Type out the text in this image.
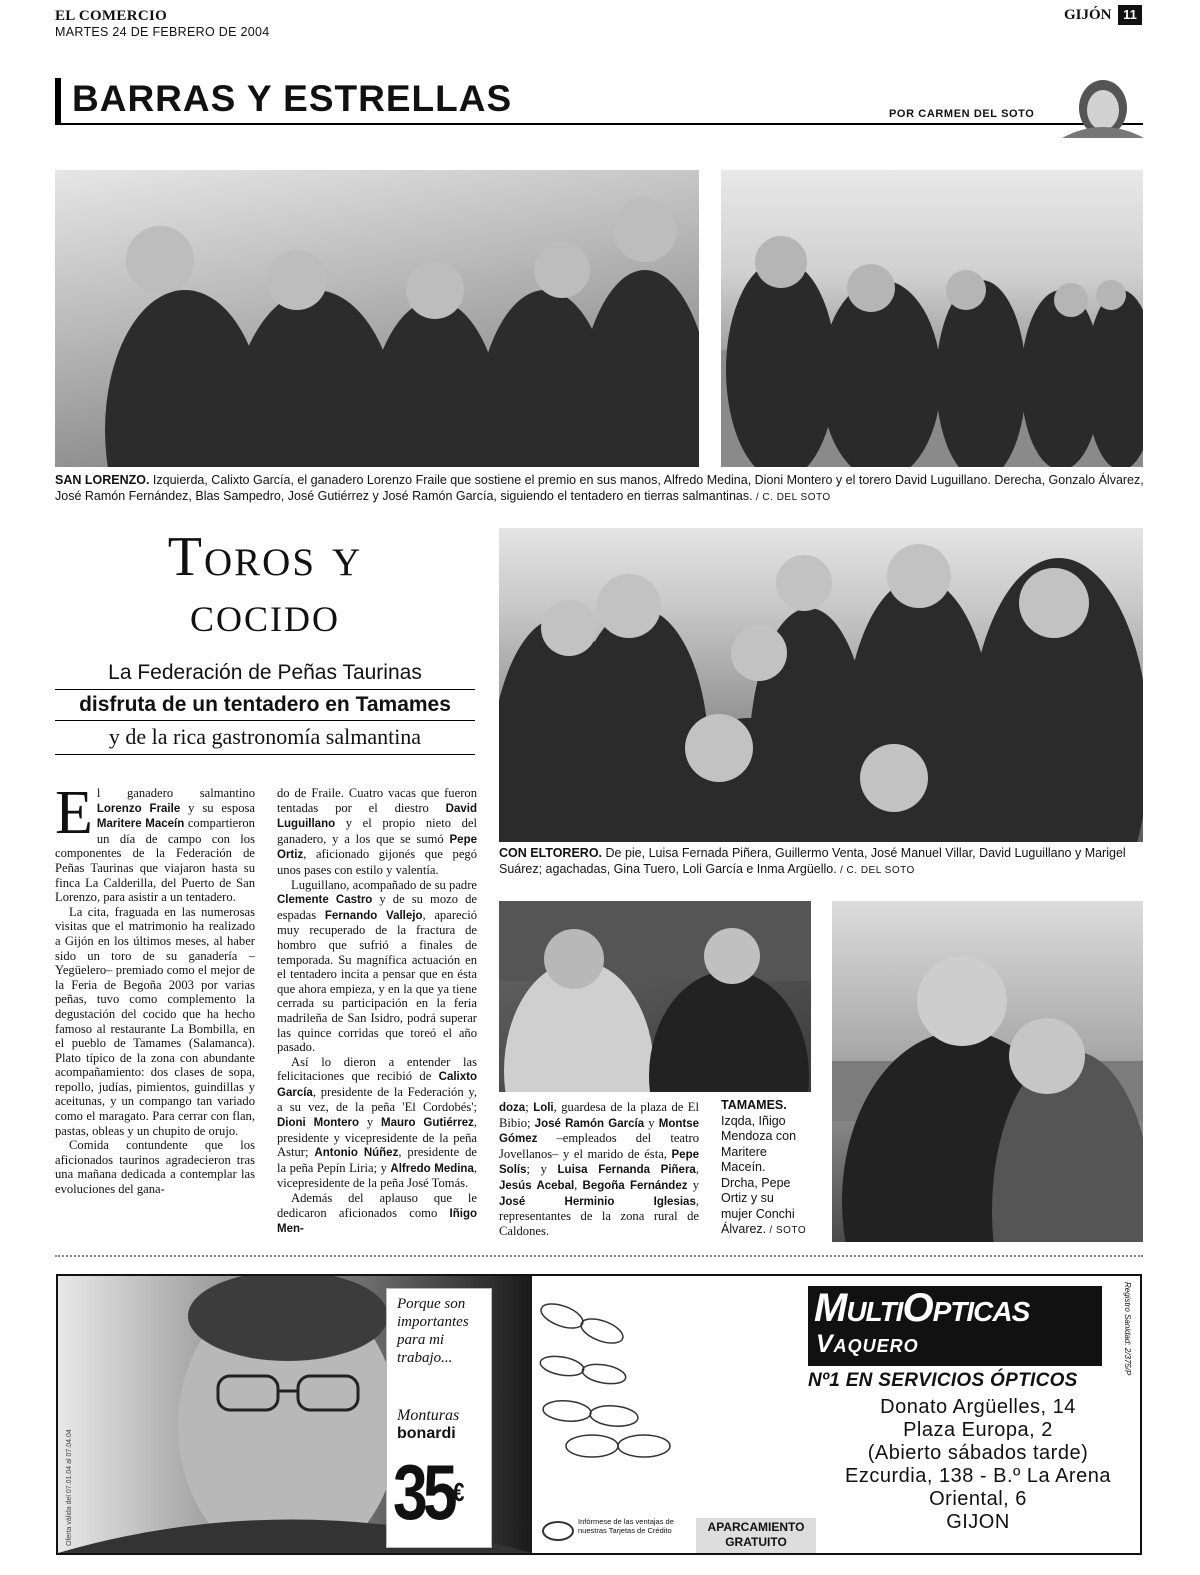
EL COMERCIO
MARTES 24 DE FEBRERO DE 2004
GIJÓN 11
BARRAS Y ESTRELLAS	POR CARMEN DEL SOTO
SAN LORENZO. Izquierda, Calixto García, el ganadero Lorenzo Fraile que sostiene el premio en sus manos, Alfredo Medina, Dioni Montero y el torero David Luguillano. Derecha, Gonzalo Álvarez, José Ramón Fernández, Blas Sampedro, José Gutiérrez y José Ramón García, siguiendo el tentadero en tierras salmantinas. / C. DEL SOTO
Toros y
cocido
La Federación de Peñas Taurinas
disfruta de un tentadero en Tamames
y de la rica gastronomía salmantina

El ganadero salmantino Lorenzo Fraile y su esposa Maritere Maceín compartieron un día de campo con los componentes de la Federación de Peñas Taurinas que viajaron hasta su finca La Calderilla, del Puerto de San Lorenzo, para asistir a un tentadero.

La cita, fraguada en las numerosas visitas que el matrimonio ha realizado a Gijón en los últimos meses, al haber sido un toro de su ganadería –Yegüelero– premiado como el mejor de la Feria de Begoña 2003 por varias peñas, tuvo como complemento la degustación del cocido que ha hecho famoso al restaurante La Bombilla, en el pueblo de Tamames (Salamanca). Plato típico de la zona con abundante acompañamiento: dos clases de sopa, repollo, judías, pimientos, guindillas y aceitunas, y un compango tan variado como el maragato. Para cerrar con flan, pastas, obleas y un chupito de orujo.

Comida contundente que los aficionados taurinos agradecieron tras una mañana dedicada a contemplar las evoluciones del gana-

do de Fraile. Cuatro vacas que fueron tentadas por el diestro David Luguillano y el propio nieto del ganadero, y a los que se sumó Pepe Ortiz, aficionado gijonés que pegó unos pases con estilo y valentía.

Luguillano, acompañado de su padre Clemente Castro y de su mozo de espadas Fernando Vallejo, apareció muy recuperado de la fractura de hombro que sufrió a finales de temporada. Su magnífica actuación en el tentadero incita a pensar que en ésta que ahora empieza, y en la que ya tiene cerrada su participación en la feria madrileña de San Isidro, podrá superar las quince corridas que toreó el año pasado.

Así lo dieron a entender las felicitaciones que recibió de Calixto García, presidente de la Federación y, a su vez, de la peña 'El Cordobés'; Dioni Montero y Mauro Gutiérrez, presidente y vicepresidente de la peña Astur; Antonio Núñez, presidente de la peña Pepín Liria; y Alfredo Medina, vicepresidente de la peña José Tomás.

Además del aplauso que le dedicaron aficionados como Iñigo Men-

doza; Loli, guardesa de la plaza de El Bibio; José Ramón García y Montse Gómez –empleados del teatro Jovellanos– y el marido de ésta, Pepe Solís; y Luisa Fernanda Piñera, Jesús Acebal, Begoña Fernández y José Herminio Iglesias, representantes de la zona rural de Caldones.

CON ELTORERO. De pie, Luisa Fernada Piñera, Guillermo Venta, José Manuel Villar, David Luguillano y Marigel Suárez; agachadas, Gina Tuero, Loli García e Inma Argüello. / C. DEL SOTO
TAMAMES.
Izqda, Iñigo
Mendoza con
Maritere
Maceín.
Drcha, Pepe
Ortiz y su
mujer Conchi
Álvarez. / SOTO
Oferta válida del 07.01.04 al 07.04.04
Porque son
importantes
para mi
trabajo...
Monturas
bonardi
35€
Infórmese de las ventajas de nuestras Tarjetas de Crédito	APARCAMIENTO
GRATUITO
MultiOpticas
Vaquero	Registro Sanidad: 2/375/P
Nº1 EN SERVICIOS ÓPTICOS
Donato Argüelles, 14
Plaza Europa, 2
(Abierto sábados tarde)
Ezcurdia, 138 - B.º La Arena
Oriental, 6
GIJON
